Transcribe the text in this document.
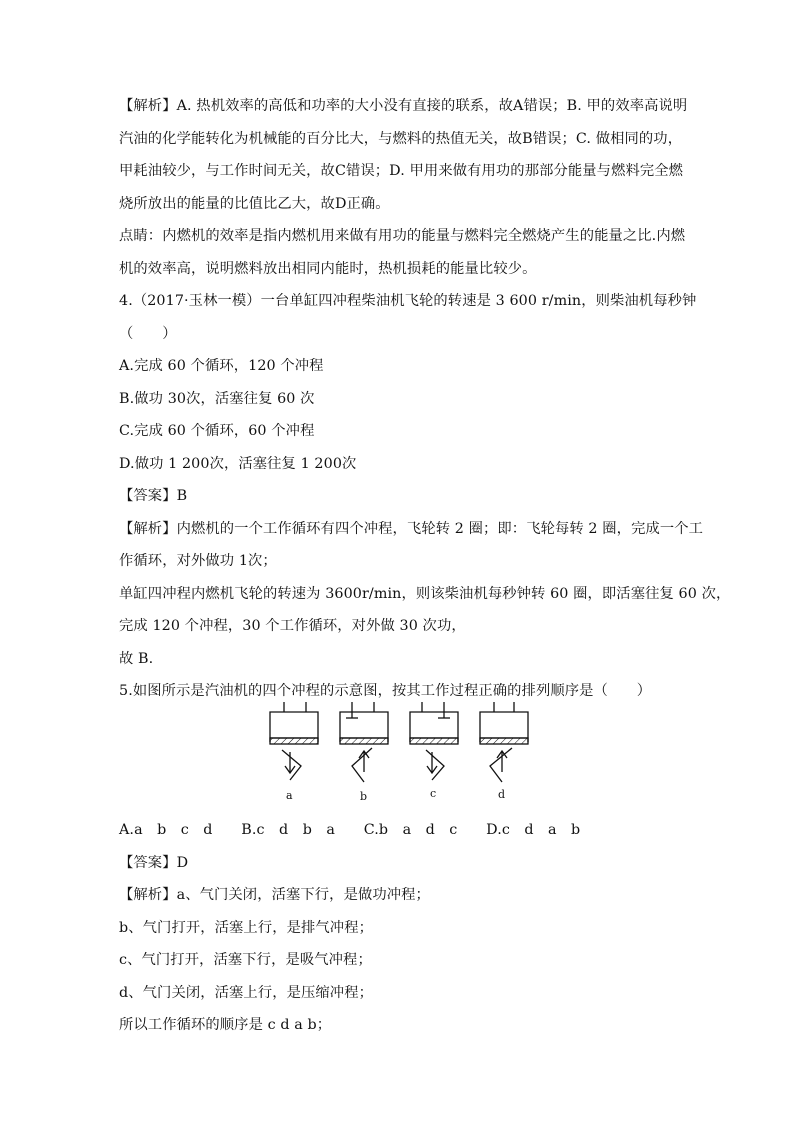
【解析】A. 热机效率的高低和功率的大小没有直接的联系，故A错误；B. 甲的效率高说明

汽油的化学能转化为机械能的百分比大，与燃料的热值无关，故B错误；C. 做相同的功，

甲耗油较少，与工作时间无关，故C错误；D. 甲用来做有用功的那部分能量与燃料完全燃

烧所放出的能量的比值比乙大，故D正确。

点睛：内燃机的效率是指内燃机用来做有用功的能量与燃料完全燃烧产生的能量之比.内燃

机的效率高，说明燃料放出相同内能时，热机损耗的能量比较少。

4.（2017·玉林一模）一台单缸四冲程柴油机飞轮的转速是 3 600 r/min，则柴油机每秒钟

（　　）

A.完成 60 个循环，120 个冲程

B.做功 30次，活塞往复 60 次

C.完成 60 个循环，60 个冲程

D.做功 1 200次，活塞往复 1 200次

【答案】B

【解析】内燃机的一个工作循环有四个冲程，飞轮转 2 圈；即：飞轮每转 2 圈，完成一个工

作循环，对外做功 1次；

单缸四冲程内燃机飞轮的转速为 3600r/min，则该柴油机每秒钟转 60 圈，即活塞往复 60 次，

完成 120 个冲程，30 个工作循环，对外做 30 次功，

故 B.

5.如图所示是汽油机的四个冲程的示意图，按其工作过程正确的排列顺序是（　　）

a	b	c	d

A.a　b　c　d　　B.c　d　b　a　　C.b　a　d　c　　D.c　d　a　b

【答案】D

【解析】a、气门关闭，活塞下行，是做功冲程；

b、气门打开，活塞上行，是排气冲程；

c、气门打开，活塞下行，是吸气冲程；

d、气门关闭，活塞上行，是压缩冲程；

所以工作循环的顺序是 c d a b；
